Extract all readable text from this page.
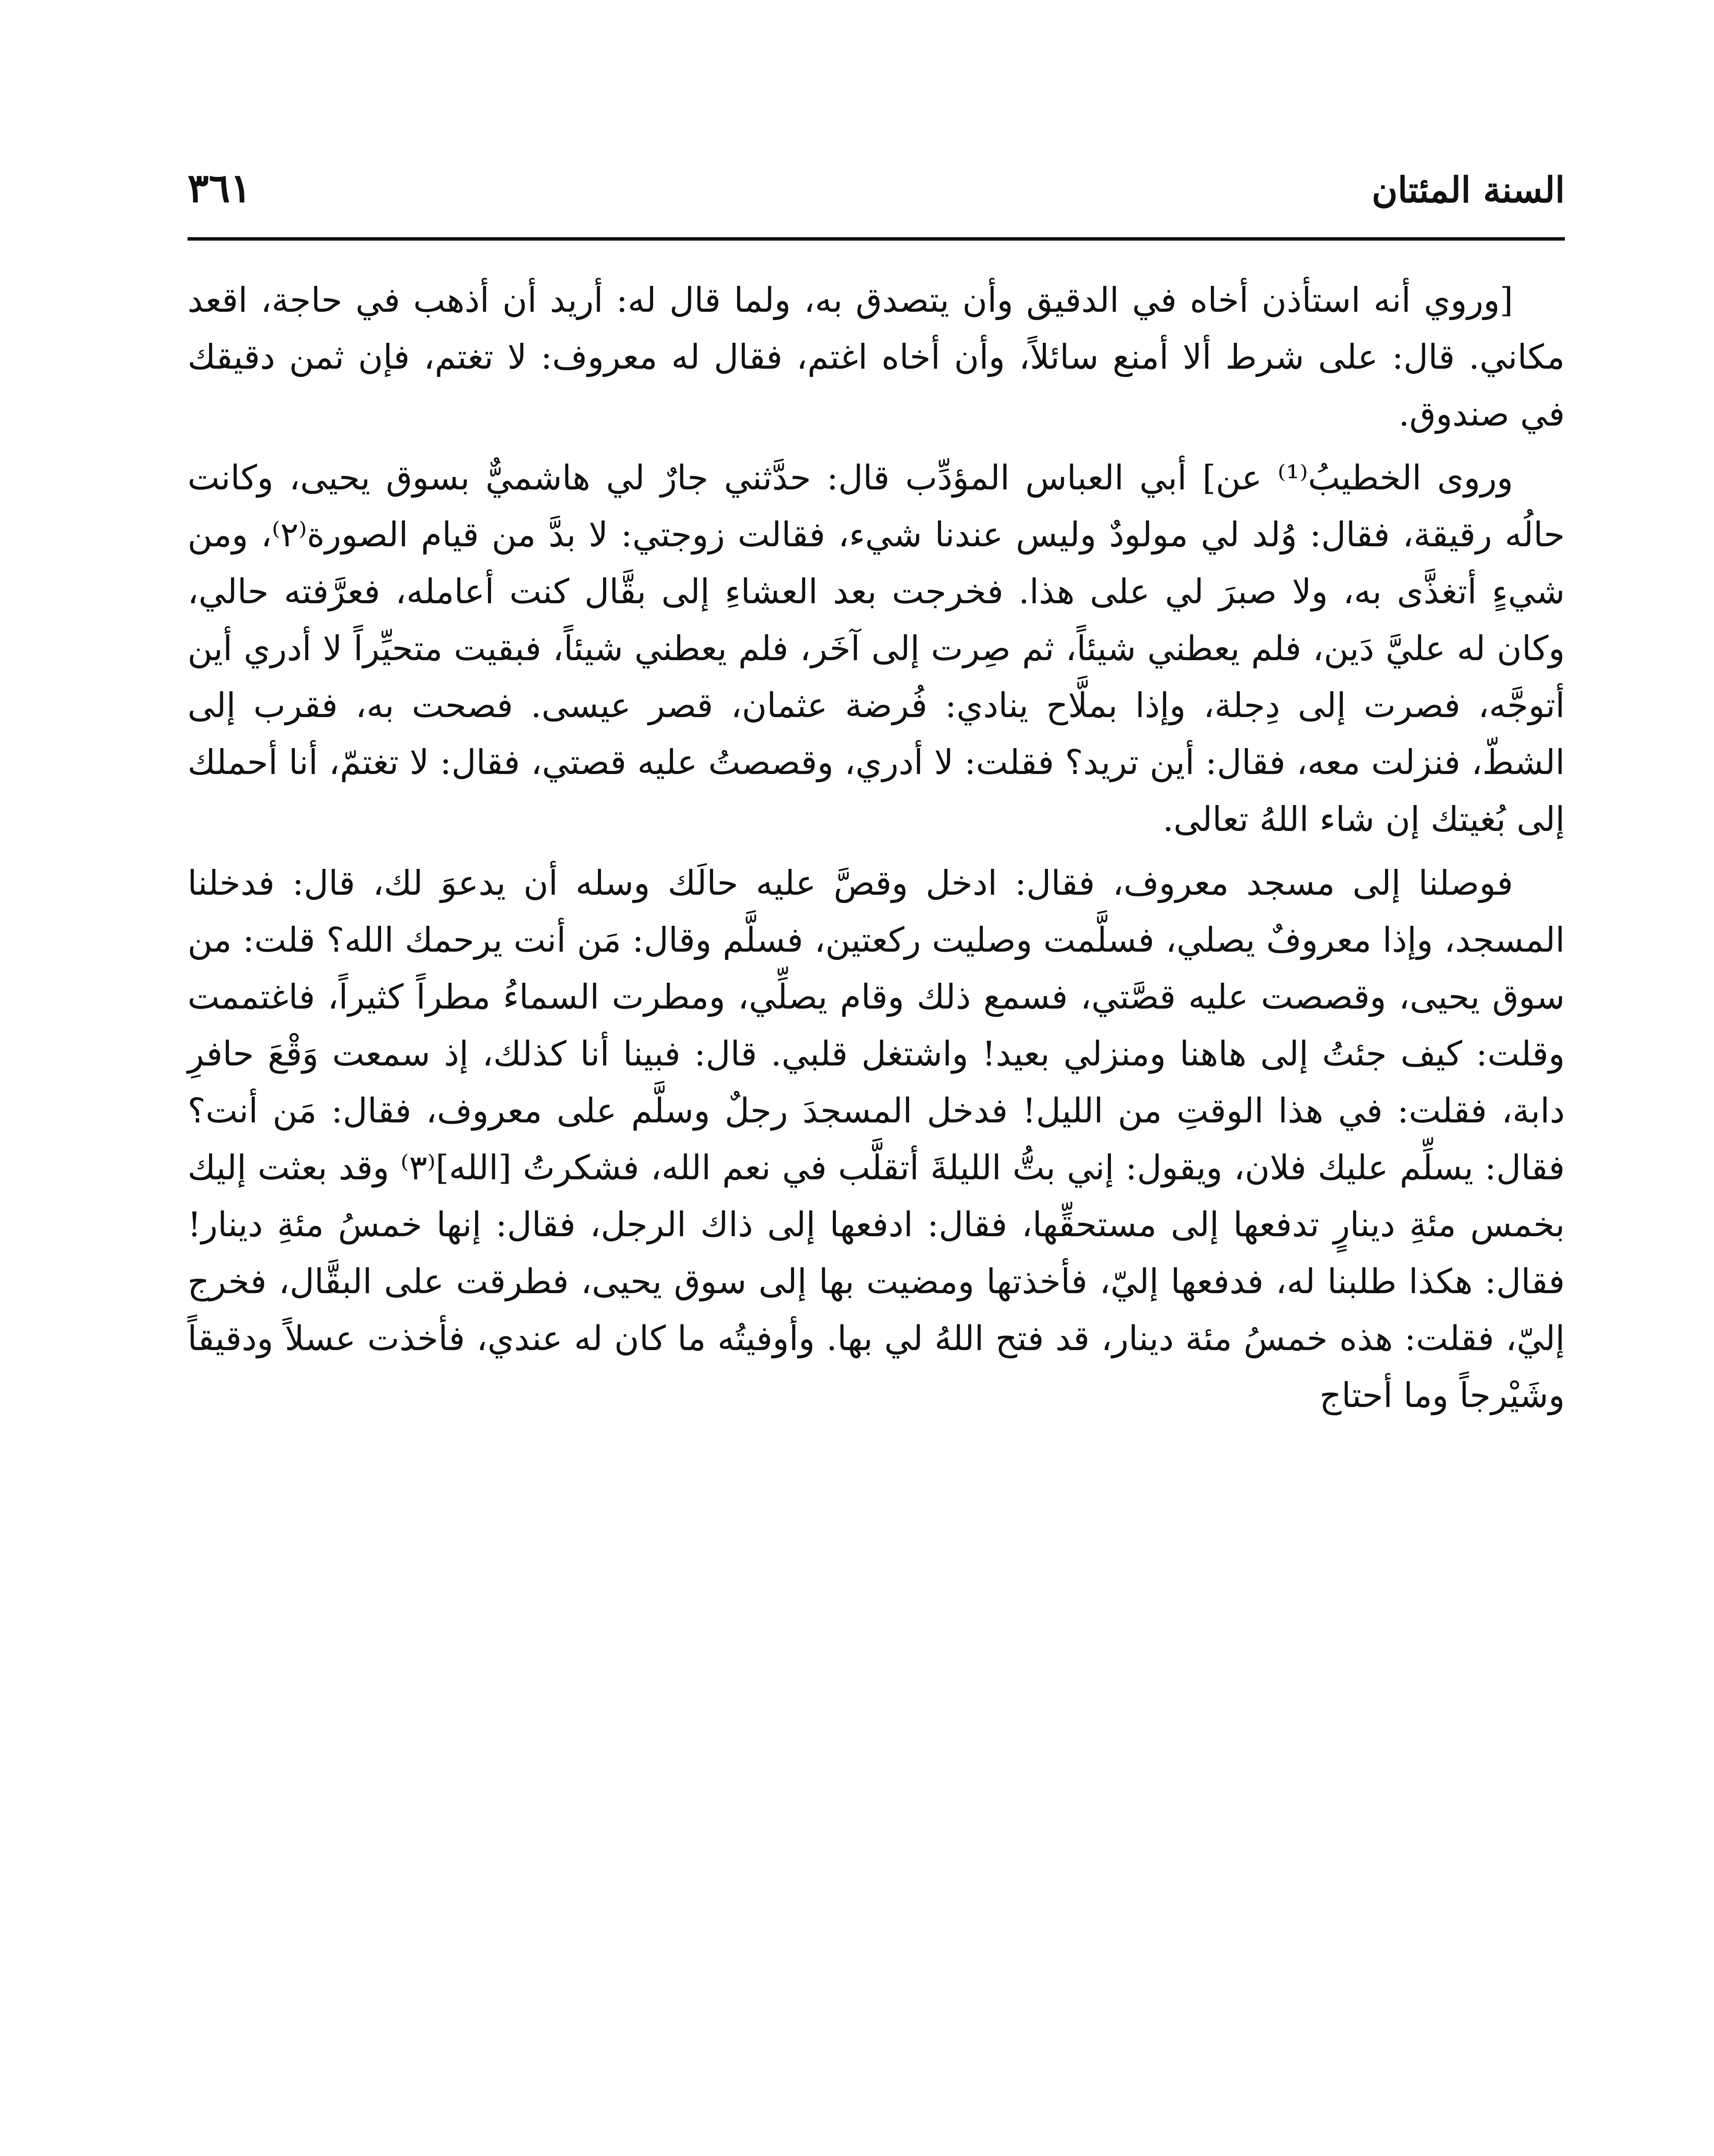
السنة المئتان
٣٦١

[وروي أنه استأذن أخاه في الدقيق وأن يتصدق به، ولما قال له: أريد أن أذهب في حاجة، اقعد مكاني. قال: على شرط ألا أمنع سائلاً، وأن أخاه اغتم، فقال له معروف: لا تغتم، فإن ثمن دقيقك في صندوق.

وروى الخطيبُ⁽¹⁾ عن] أبي العباس المؤدِّب قال: حدَّثني جارٌ لي هاشميٌّ بسوق يحيى، وكانت حالُه رقيقة، فقال: وُلد لي مولودٌ وليس عندنا شيء، فقالت زوجتي: لا بدَّ من قيام الصورة⁽٢⁾، ومن شيءٍ أتغذَّى به، ولا صبرَ لي على هذا. فخرجت بعد العشاءِ إلى بقَّال كنت أعامله، فعرَّفته حالي، وكان له عليَّ دَين، فلم يعطني شيئاً، ثم صِرت إلى آخَر، فلم يعطني شيئاً، فبقيت متحيِّراً لا أدري أين أتوجَّه، فصرت إلى دِجلة، وإذا بملَّاح ينادي: فُرضة عثمان، قصر عيسى. فصحت به، فقرب إلى الشطّ، فنزلت معه، فقال: أين تريد؟ فقلت: لا أدري، وقصصتُ عليه قصتي، فقال: لا تغتمّ، أنا أحملك إلى بُغيتك إن شاء اللهُ تعالى.

فوصلنا إلى مسجد معروف، فقال: ادخل وقصَّ عليه حالَك وسله أن يدعوَ لك، قال: فدخلنا المسجد، وإذا معروفٌ يصلي، فسلَّمت وصليت ركعتين، فسلَّم وقال: مَن أنت يرحمك الله؟ قلت: من سوق يحيى، وقصصت عليه قصَّتي، فسمع ذلك وقام يصلِّي، ومطرت السماءُ مطراً كثيراً، فاغتممت وقلت: كيف جئتُ إلى هاهنا ومنزلي بعيد! واشتغل قلبي. قال: فبينا أنا كذلك، إذ سمعت وَقْعَ حافرِ دابة، فقلت: في هذا الوقتِ من الليل! فدخل المسجدَ رجلٌ وسلَّم على معروف، فقال: مَن أنت؟ فقال: يسلِّم عليك فلان، ويقول: إني بتُّ الليلةَ أتقلَّب في نعم الله، فشكرتُ [الله]⁽٣⁾ وقد بعثت إليك بخمس مئةِ دينارٍ تدفعها إلى مستحقِّها، فقال: ادفعها إلى ذاك الرجل، فقال: إنها خمسُ مئةِ دينار! فقال: هكذا طلبنا له، فدفعها إليّ، فأخذتها ومضيت بها إلى سوق يحيى، فطرقت على البقَّال، فخرج إليّ، فقلت: هذه خمسُ مئة دينار، قد فتح اللهُ لي بها. وأوفيتُه ما كان له عندي، فأخذت عسلاً ودقيقاً وشَيْرجاً وما أحتاج
